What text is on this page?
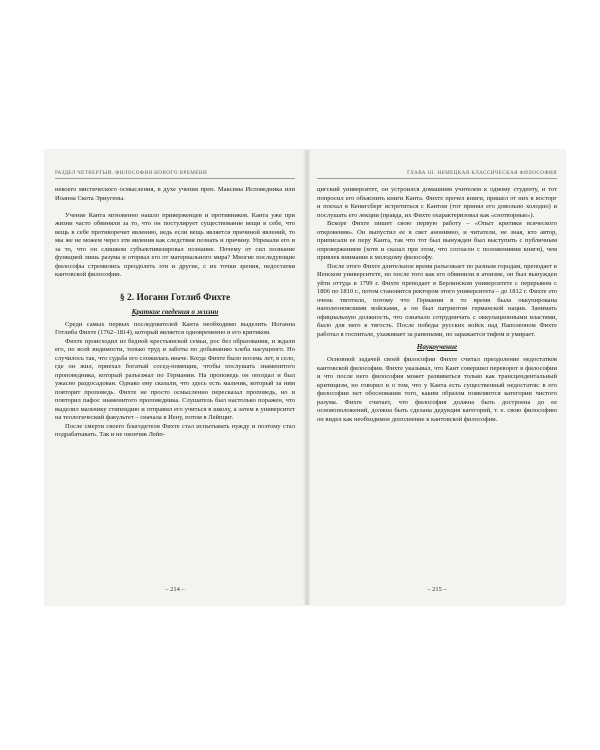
РАЗДЕЛ ЧЕТВЕРТЫЙ. ФИЛОСОФИЯ НОВОГО ВРЕМЕНИ

некоего мистического осмысления, в духе учения преп. Максима Исповедника или Иоанна Скота Эриугены.

Учение Канта мгновенно нашло приверженцев и противников. Канта уже при жизни часто обвиняли за то, что он постулирует существование вещи в себе, что вещь в себе противоречит явлению, ведь если вещь является причиной явлений, то мы же не можем через эти явления как следствия познать и причину. Упрекали его и за то, что он слишком субъективизировал познание. Почему от сил познание функцией лишь разума и оторвал его от материального мира? Многие последующие философы стремились преодолеть эти и другие, с их точки зрения, недостатки кантовской философии.

§ 2. Иоганн Готлиб Фихте
Краткие сведения о жизни

Среди самых первых последователей Канта необходимо выделить Иоганна Готлиба Фихте (1762–1814), который является одновременно и его критиком.

Фихте происходил из бедной крестьянской семьи, рос без образования, и ждали его, по всей видимости, только труд и заботы по добыванию хлеба насущного. Но случилось так, что судьба его сложилась иначе. Когда Фихте было восемь лет, в село, где он жил, приехал богатый сосед-помещик, чтобы послушать знаменитого проповедника, который разъезжал по Германии. На проповедь он опоздал и был ужасно раздосадован. Однако ему сказали, что здесь есть мальчик, который за ним повторит проповедь. Фихте не просто осмысленно пересказал проповедь, но и повторил пафос знаменитого проповедника. Слушатель был настолько поражен, что выделил мальчику стипендию и отправил его учиться в школу, а затем в университет на теологический факультет – сначала в Иену, потом в Лейпциг.

После смерти своего благодетеля Фихте стал испытывать нужду и поэтому стал подрабатывать. Так и не окончив Лейп-

– 214 –
ГЛАВА III. НЕМЕЦКАЯ КЛАССИЧЕСКАЯ ФИЛОСОФИЯ

цигский университет, он устроился домашним учителем к одному студенту, и тот попросил его объяснить книги Канта. Фихте прочел книги, пришел от них в восторг и поехал в Кенигсберг встретиться с Кантом (тот принял его довольно холодно) и послушать его лекции (правда, их Фихте охарактеризовал как «снотворные»).

Вскоре Фихте пишет свою первую работу – «Опыт критики всяческого откровения». Он выпустил ее в свет анонимно, и читатели, не зная, кто автор, приписали ее перу Канта, так что тот был вынужден был выступить с публичным опровержением (хотя и сказал при этом, что согласен с положениями книги), чем привлек внимание к молодому философу.

После этого Фихте длительное время разъезжает по разным городам, преподает в Иенском университете, но после того как его обвинили в атеизме, он был вынужден уйти оттуда в 1799 г. Фихте преподает в Берлинском университете с перерывом с 1806 по 1810 г., потом становится ректором этого университета – до 1812 г. Фихте это очень тяготило, потому что Германия в то время была оккупирована наполеоновскими войсками, а он был патриотом германской нации. Занимать официальную должность, что означало сотрудничать с оккупационными властями, было для него в тягость. После победы русских войск над Наполеоном Фихте работал в госпитале, ухаживает за ранеными, но заражается тифом и умирает.

Наукоучение

Основной задачей своей философии Фихте считал преодоление недостатков кантовской философии. Фихте указывал, что Кант совершил переворот в философии и что после него философия может развиваться только как трансцендентальный критицизм, но говорил и о том, что у Канта есть существенный недостаток: в его философии нет обоснования того, каким образом появляются категории чистого разума. Фихте считает, что философия должна быть достроена до ее основоположений, должна быть сделана дедукция категорий, т. е. свою философию он видел как необходимое дополнение к кантовской философии.

– 215 –
